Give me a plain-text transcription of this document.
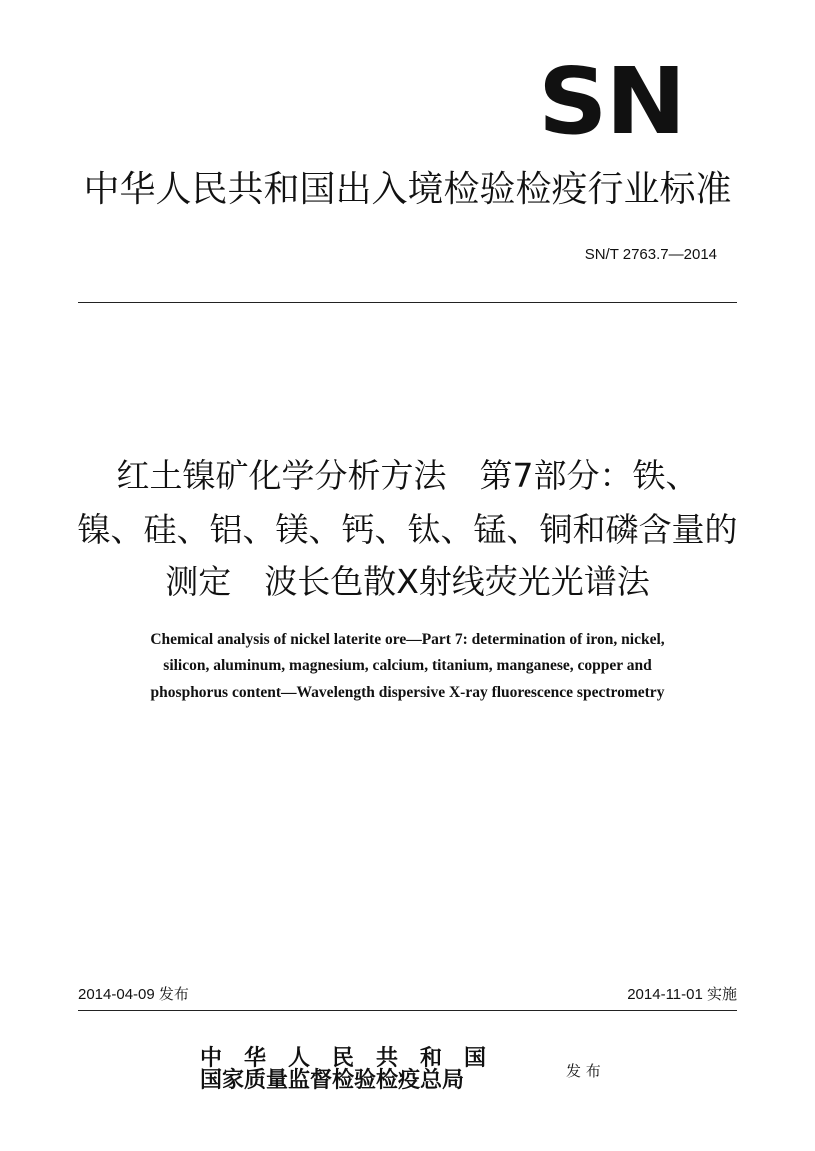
SN
中华人民共和国出入境检验检疫行业标准
SN/T 2763.7—2014
红土镍矿化学分析方法　第7部分：铁、
镍、硅、铝、镁、钙、钛、锰、铜和磷含量的
测定　波长色散X射线荧光光谱法
Chemical analysis of nickel laterite ore—Part 7: determination of iron, nickel,
silicon, aluminum, magnesium, calcium, titanium, manganese, copper and
phosphorus content—Wavelength dispersive X-ray fluorescence spectrometry
2014-04-09 发布	2014-11-01 实施
中　华　人　民　共　和　国
国家质量监督检验检疫总局	发 布
